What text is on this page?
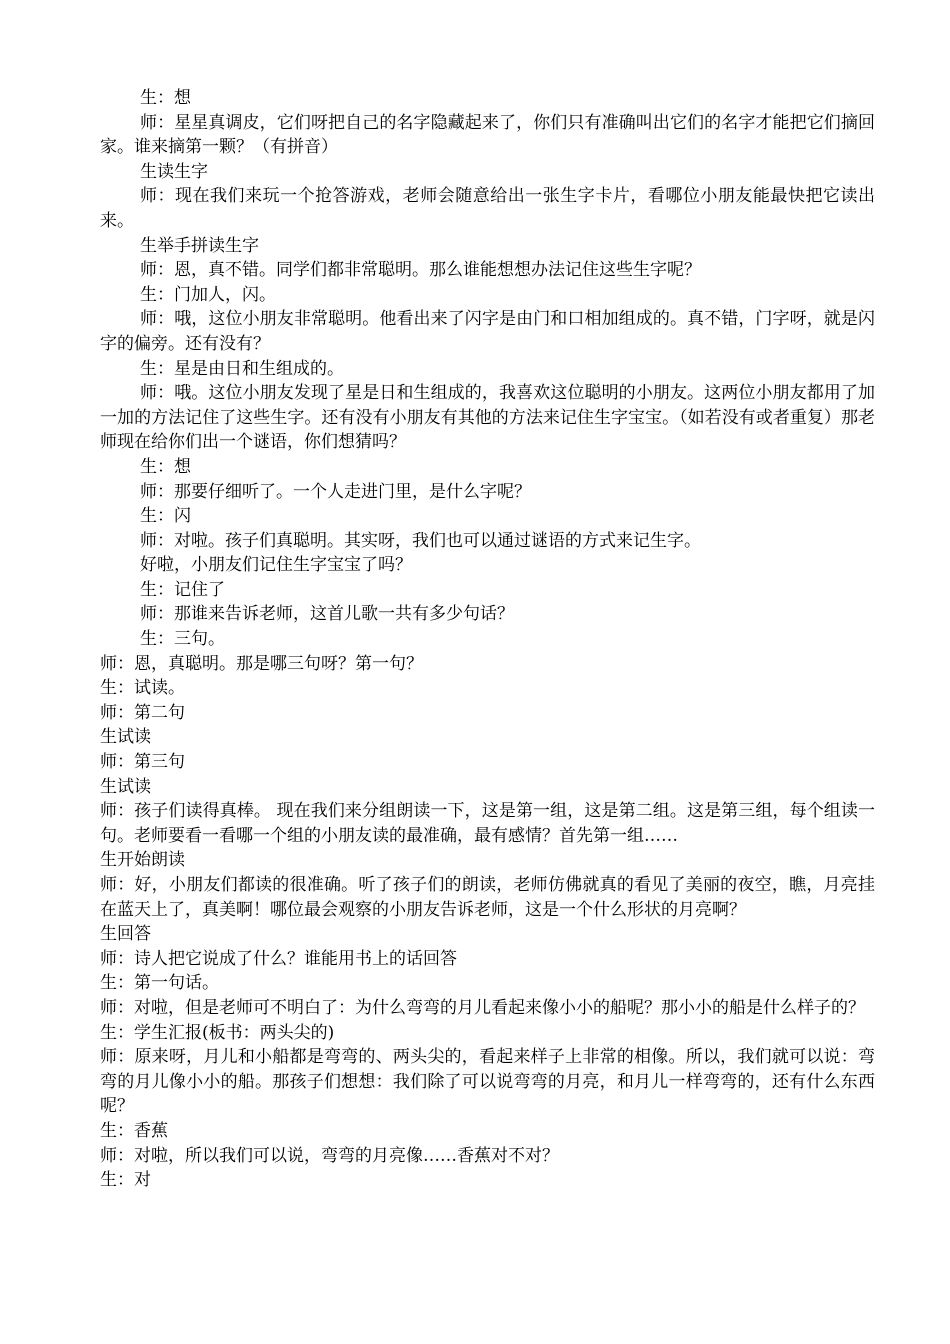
生：想

师：星星真调皮，它们呀把自己的名字隐藏起来了，你们只有准确叫出它们的名字才能把它们摘回家。谁来摘第一颗？（有拼音）

生读生字

师：现在我们来玩一个抢答游戏，老师会随意给出一张生字卡片，看哪位小朋友能最快把它读出来。

生举手拼读生字

师：恩，真不错。同学们都非常聪明。那么谁能想想办法记住这些生字呢？

生：门加人，闪。

师：哦，这位小朋友非常聪明。他看出来了闪字是由门和口相加组成的。真不错，门字呀，就是闪字的偏旁。还有没有？

生：星是由日和生组成的。

师：哦。这位小朋友发现了星是日和生组成的，我喜欢这位聪明的小朋友。这两位小朋友都用了加一加的方法记住了这些生字。还有没有小朋友有其他的方法来记住生字宝宝。（如若没有或者重复）那老师现在给你们出一个谜语，你们想猜吗？

生：想

师：那要仔细听了。一个人走进门里，是什么字呢？

生：闪

师：对啦。孩子们真聪明。其实呀，我们也可以通过谜语的方式来记生字。

好啦，小朋友们记住生字宝宝了吗？

生：记住了

师：那谁来告诉老师，这首儿歌一共有多少句话？

生：三句。

师：恩，真聪明。那是哪三句呀？第一句？

生：试读。

师：第二句

生试读

师：第三句

生试读

师：孩子们读得真棒。 现在我们来分组朗读一下，这是第一组，这是第二组。这是第三组，每个组读一句。老师要看一看哪一个组的小朋友读的最准确，最有感情？首先第一组……

生开始朗读

师：好，小朋友们都读的很准确。听了孩子们的朗读，老师仿佛就真的看见了美丽的夜空，瞧，月亮挂在蓝天上了，真美啊！哪位最会观察的小朋友告诉老师，这是一个什么形状的月亮啊？

生回答

师：诗人把它说成了什么？谁能用书上的话回答

生：第一句话。

师：对啦，但是老师可不明白了：为什么弯弯的月儿看起来像小小的船呢？那小小的船是什么样子的？

生：学生汇报(板书：两头尖的)

师：原来呀，月儿和小船都是弯弯的、两头尖的，看起来样子上非常的相像。所以，我们就可以说：弯弯的月儿像小小的船。那孩子们想想：我们除了可以说弯弯的月亮，和月儿一样弯弯的，还有什么东西呢？

生：香蕉

师：对啦，所以我们可以说，弯弯的月亮像……香蕉对不对？

生：对
